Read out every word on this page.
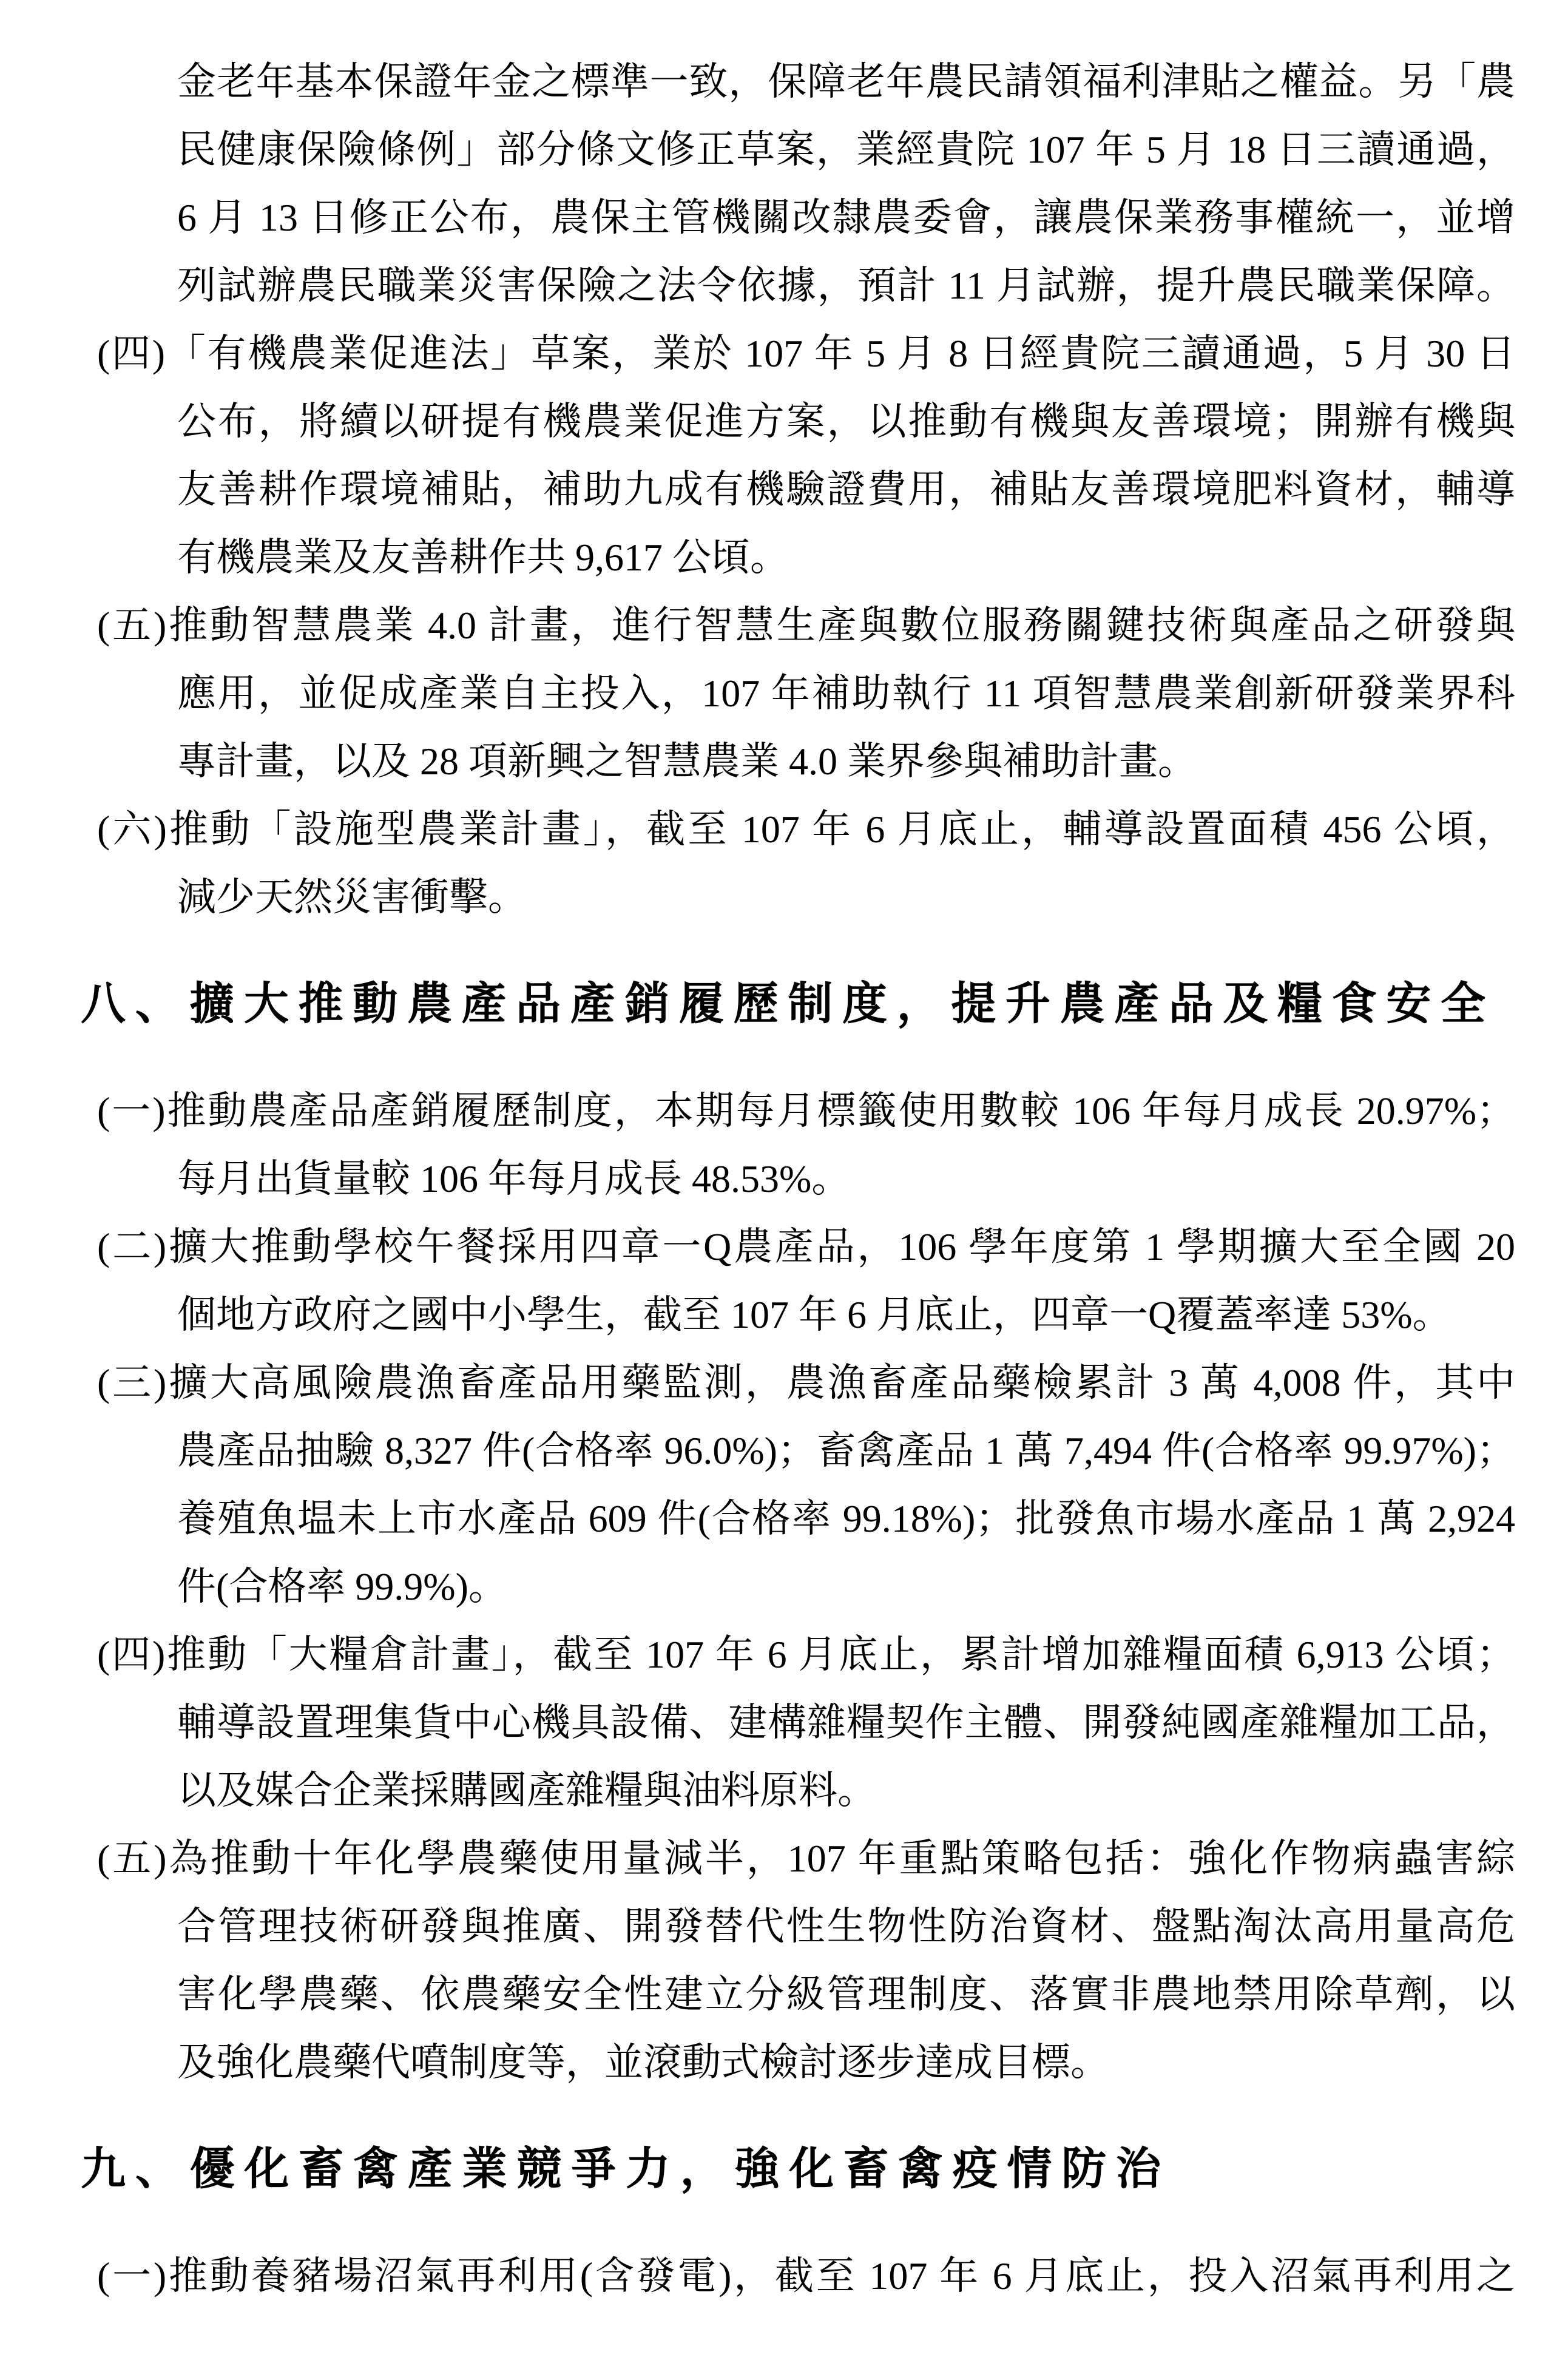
金老年基本保證年金之標準一致，保障老年農民請領福利津貼之權益。另「農
民健康保險條例」部分條文修正草案，業經貴院 107 年 5 月 18 日三讀通過，
6 月 13 日修正公布，農保主管機關改隸農委會，讓農保業務事權統一，並增
列試辦農民職業災害保險之法令依據，預計 11 月試辦，提升農民職業保障。
(四)「有機農業促進法」草案，業於 107 年 5 月 8 日經貴院三讀通過，5 月 30 日
公布，將續以研提有機農業促進方案，以推動有機與友善環境；開辦有機與
友善耕作環境補貼，補助九成有機驗證費用，補貼友善環境肥料資材，輔導
有機農業及友善耕作共 9,617 公頃。
(五)推動智慧農業 4.0 計畫，進行智慧生產與數位服務關鍵技術與產品之研發與
應用，並促成產業自主投入，107 年補助執行 11 項智慧農業創新研發業界科
專計畫，以及 28 項新興之智慧農業 4.0 業界參與補助計畫。
(六)推動「設施型農業計畫」，截至 107 年 6 月底止，輔導設置面積 456 公頃，
減少天然災害衝擊。
八、擴大推動農產品產銷履歷制度，提升農產品及糧食安全
(一)推動農產品產銷履歷制度，本期每月標籤使用數較 106 年每月成長 20.97%；
每月出貨量較 106 年每月成長 48.53%。
(二)擴大推動學校午餐採用四章一Q農產品，106 學年度第 1 學期擴大至全國 20
個地方政府之國中小學生，截至 107 年 6 月底止，四章一Q覆蓋率達 53%。
(三)擴大高風險農漁畜產品用藥監測，農漁畜產品藥檢累計 3 萬 4,008 件，其中
農產品抽驗 8,327 件(合格率 96.0%)；畜禽產品 1 萬 7,494 件(合格率 99.97%)；
養殖魚塭未上市水產品 609 件(合格率 99.18%)；批發魚市場水產品 1 萬 2,924
件(合格率 99.9%)。
(四)推動「大糧倉計畫」，截至 107 年 6 月底止，累計增加雜糧面積 6,913 公頃；
輔導設置理集貨中心機具設備、建構雜糧契作主體、開發純國產雜糧加工品，
以及媒合企業採購國產雜糧與油料原料。
(五)為推動十年化學農藥使用量減半，107 年重點策略包括：強化作物病蟲害綜
合管理技術研發與推廣、開發替代性生物性防治資材、盤點淘汰高用量高危
害化學農藥、依農藥安全性建立分級管理制度、落實非農地禁用除草劑，以
及強化農藥代噴制度等，並滾動式檢討逐步達成目標。
九、優化畜禽產業競爭力，強化畜禽疫情防治
(一)推動養豬場沼氣再利用(含發電)，截至 107 年 6 月底止，投入沼氣再利用之
